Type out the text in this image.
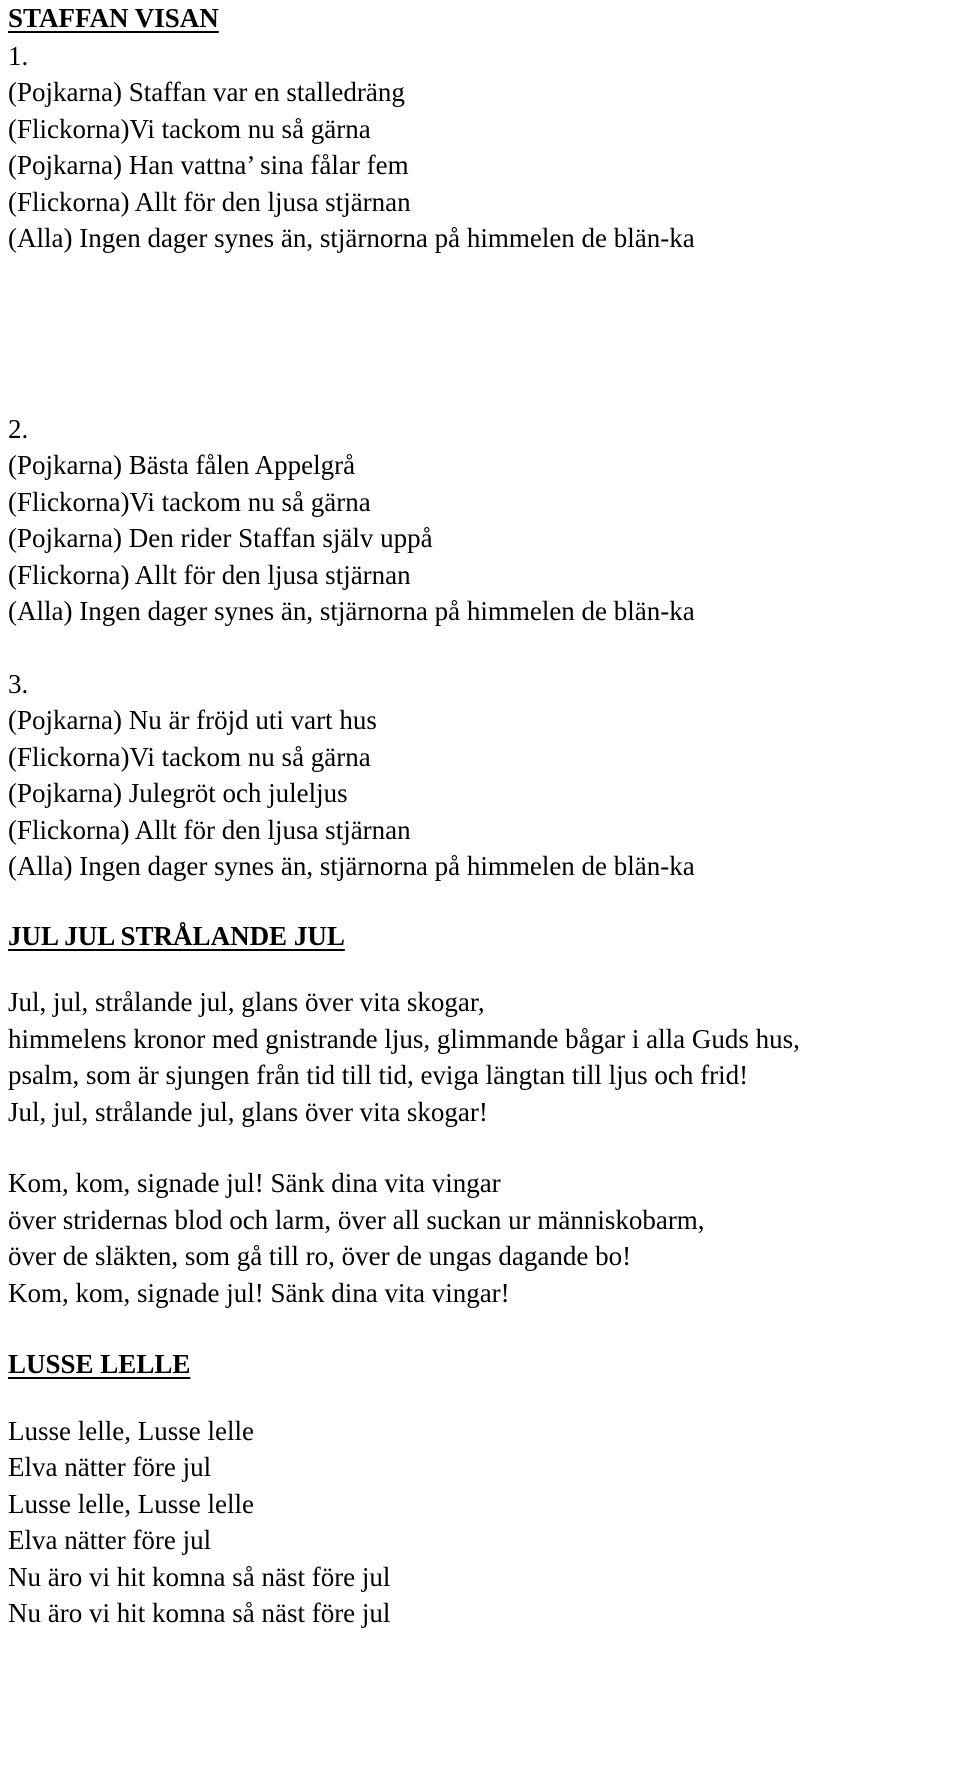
STAFFAN VISAN

1.

(Pojkarna) Staffan var en stalledräng

(Flickorna)Vi tackom nu så gärna

(Pojkarna) Han vattna’ sina fålar fem

(Flickorna) Allt för den ljusa stjärnan

(Alla) Ingen dager synes än, stjärnorna på himmelen de blän-ka

2.

(Pojkarna) Bästa fålen Appelgrå

(Flickorna)Vi tackom nu så gärna

(Pojkarna) Den rider Staffan själv uppå

(Flickorna) Allt för den ljusa stjärnan

(Alla) Ingen dager synes än, stjärnorna på himmelen de blän-ka

3.

(Pojkarna) Nu är fröjd uti vart hus

(Flickorna)Vi tackom nu så gärna

(Pojkarna) Julegröt och juleljus

(Flickorna) Allt för den ljusa stjärnan

(Alla) Ingen dager synes än, stjärnorna på himmelen de blän-ka

JUL JUL STRÅLANDE JUL

Jul, jul, strålande jul, glans över vita skogar,

himmelens kronor med gnistrande ljus, glimmande bågar i alla Guds hus,

psalm, som är sjungen från tid till tid, eviga längtan till ljus och frid!

Jul, jul, strålande jul, glans över vita skogar!

Kom, kom, signade jul! Sänk dina vita vingar

över stridernas blod och larm, över all suckan ur människobarm,

över de släkten, som gå till ro, över de ungas dagande bo!

Kom, kom, signade jul! Sänk dina vita vingar!

LUSSE LELLE

Lusse lelle, Lusse lelle

Elva nätter före jul

Lusse lelle, Lusse lelle

Elva nätter före jul

Nu äro vi hit komna så näst före jul

Nu äro vi hit komna så näst före jul
